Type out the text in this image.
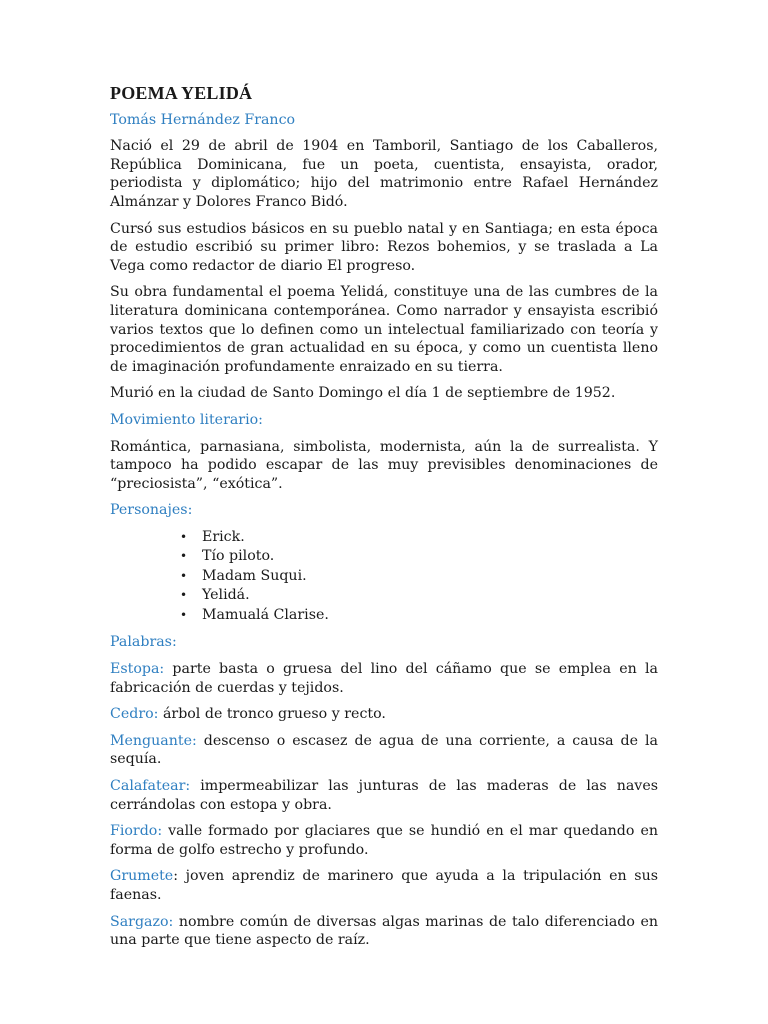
POEMA YELIDÁ
Tomás Hernández Franco

Nació el 29 de abril de 1904 en Tamboril, Santiago de los Caballeros, República Dominicana, fue un poeta, cuentista, ensayista, orador, periodista y diplomático; hijo del matrimonio entre Rafael Hernández Almánzar y Dolores Franco Bidó.

Cursó sus estudios básicos en su pueblo natal y en Santiaga; en esta época de estudio escribió su primer libro: Rezos bohemios, y se traslada a La Vega como redactor de diario El progreso.

Su obra fundamental el poema Yelidá, constituye una de las cumbres de la literatura dominicana contemporánea. Como narrador y ensayista escribió varios textos que lo definen como un intelectual familiarizado con teoría y procedimientos de gran actualidad en su época, y como un cuentista lleno de imaginación profundamente enraizado en su tierra.

Murió en la ciudad de Santo Domingo el día 1 de septiembre de 1952.

Movimiento literario:

Romántica, parnasiana, simbolista, modernista, aún la de surrealista. Y tampoco ha podido escapar de las muy previsibles denominaciones de “preciosista”, “exótica”.

Personajes:
• Erick.
• Tío piloto.
• Madam Suqui.
• Yelidá.
• Mamualá Clarise.
Palabras:

Estopa: parte basta o gruesa del lino del cáñamo que se emplea en la fabricación de cuerdas y tejidos.

Cedro: árbol de tronco grueso y recto.

Menguante: descenso o escasez de agua de una corriente, a causa de la sequía.

Calafatear: impermeabilizar las junturas de las maderas de las naves cerrándolas con estopa y obra.

Fiordo: valle formado por glaciares que se hundió en el mar quedando en forma de golfo estrecho y profundo.

Grumete: joven aprendiz de marinero que ayuda a la tripulación en sus faenas.

Sargazo: nombre común de diversas algas marinas de talo diferenciado en una parte que tiene aspecto de raíz.
